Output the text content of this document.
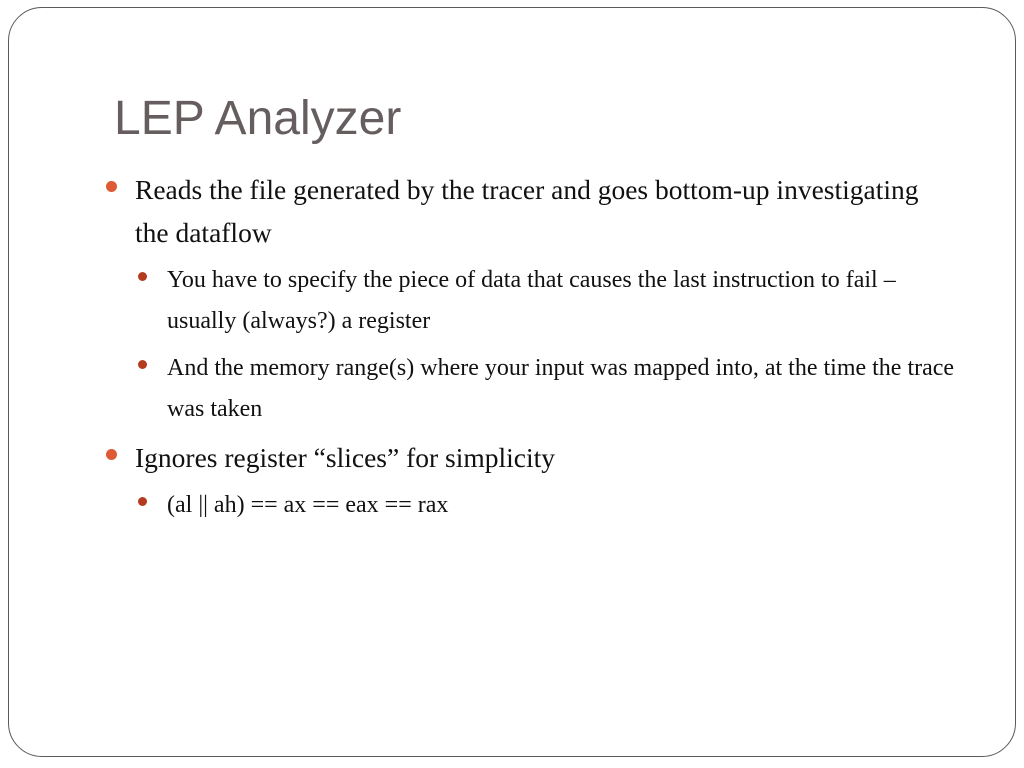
LEP Analyzer
Reads the file generated by the tracer and goes bottom-up investigating the dataflow
You have to specify the piece of data that causes the last instruction to fail – usually (always?) a register
And the memory range(s) where your input was mapped into, at the time the trace was taken
Ignores register “slices” for simplicity
(al || ah) == ax == eax == rax
